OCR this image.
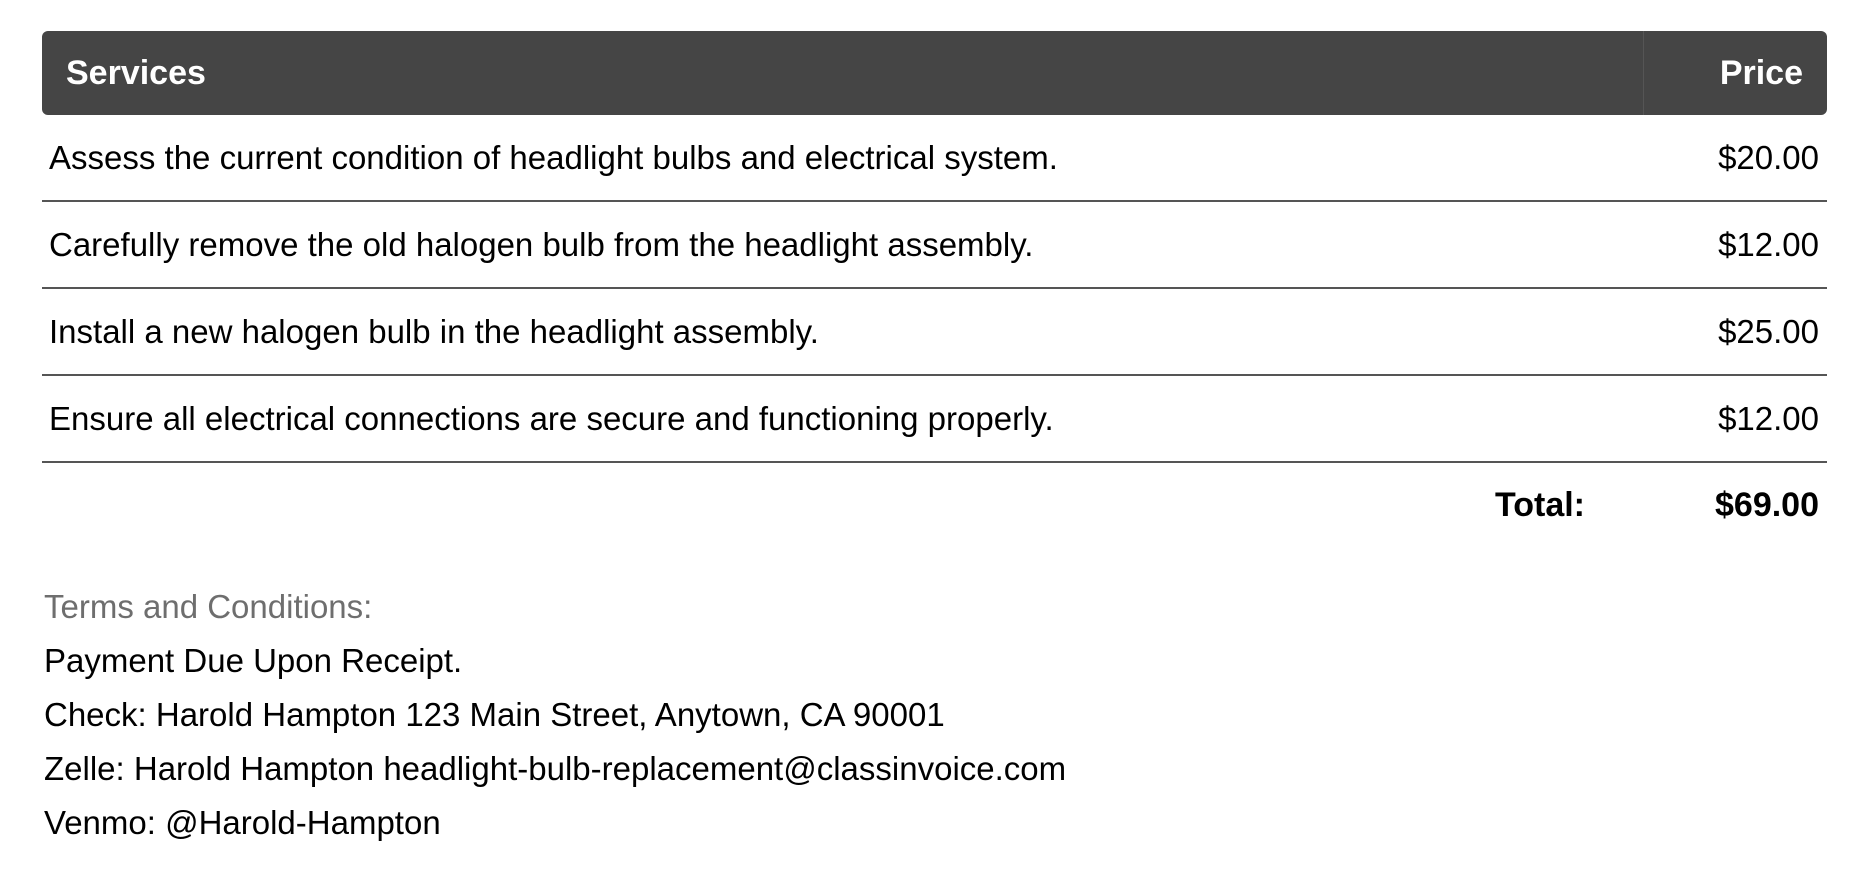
Services	Price
Assess the current condition of headlight bulbs and electrical system.	$20.00
Carefully remove the old halogen bulb from the headlight assembly.	$12.00
Install a new halogen bulb in the headlight assembly.	$25.00
Ensure all electrical connections are secure and functioning properly.	$12.00
Total:	$69.00
Terms and Conditions:
Payment Due Upon Receipt.
Check: Harold Hampton 123 Main Street, Anytown, CA 90001
Zelle: Harold Hampton headlight-bulb-replacement@classinvoice.com
Venmo: @Harold-Hampton
